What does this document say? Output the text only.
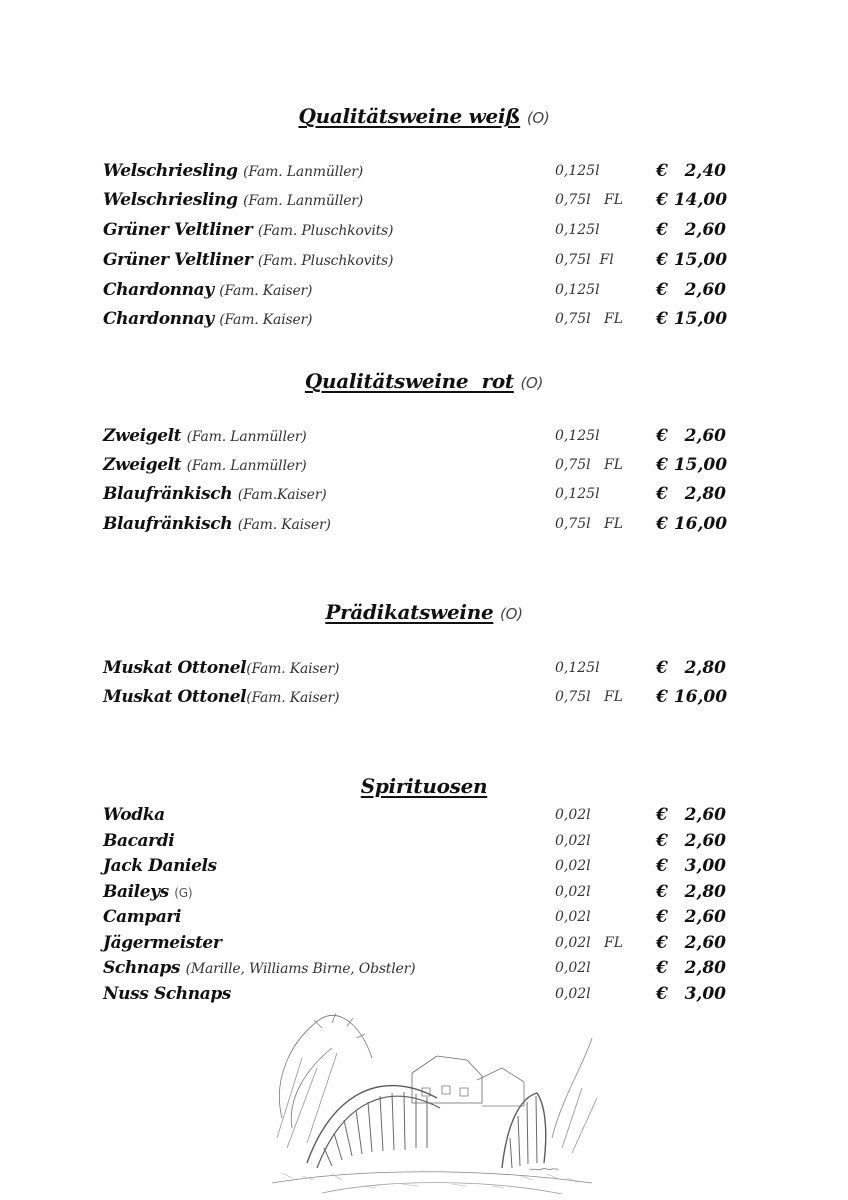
Qualitätsweine weiß (O)
Welschriesling (Fam. Lanmüller)	0,125l	€ 2,40
Welschriesling (Fam. Lanmüller)	0,75l   FL € 14,00
Grüner Veltliner (Fam. Pluschkovits)	0,125l	€ 2,60
Grüner Veltliner (Fam. Pluschkovits)	0,75l  Fl € 15,00
Chardonnay (Fam. Kaiser)	0,125l	€ 2,60
Chardonnay (Fam. Kaiser)	0,75l   FL € 15,00
Qualitätsweine  rot (O)
Zweigelt (Fam. Lanmüller)	0,125l	€ 2,60
Zweigelt (Fam. Lanmüller)	0,75l   FL € 15,00
Blaufränkisch (Fam.Kaiser)	0,125l	€ 2,80
Blaufränkisch (Fam. Kaiser)	0,75l   FL € 16,00
Prädikatsweine (O)
Muskat Ottonel(Fam. Kaiser)	0,125l	€ 2,80
Muskat Ottonel(Fam. Kaiser)	0,75l   FL € 16,00
Spirituosen
Wodka	0,02l	€ 2,60
Bacardi	0,02l	€ 2,60
Jack Daniels	0,02l	€ 3,00
Baileys (G)	0,02l	€ 2,80
Campari	0,02l	€ 2,60
Jägermeister	0,02l   FL € 2,60
Schnaps (Marille, Williams Birne, Obstler)	0,02l	€ 2,80
Nuss Schnaps	0,02l	€ 3,00
